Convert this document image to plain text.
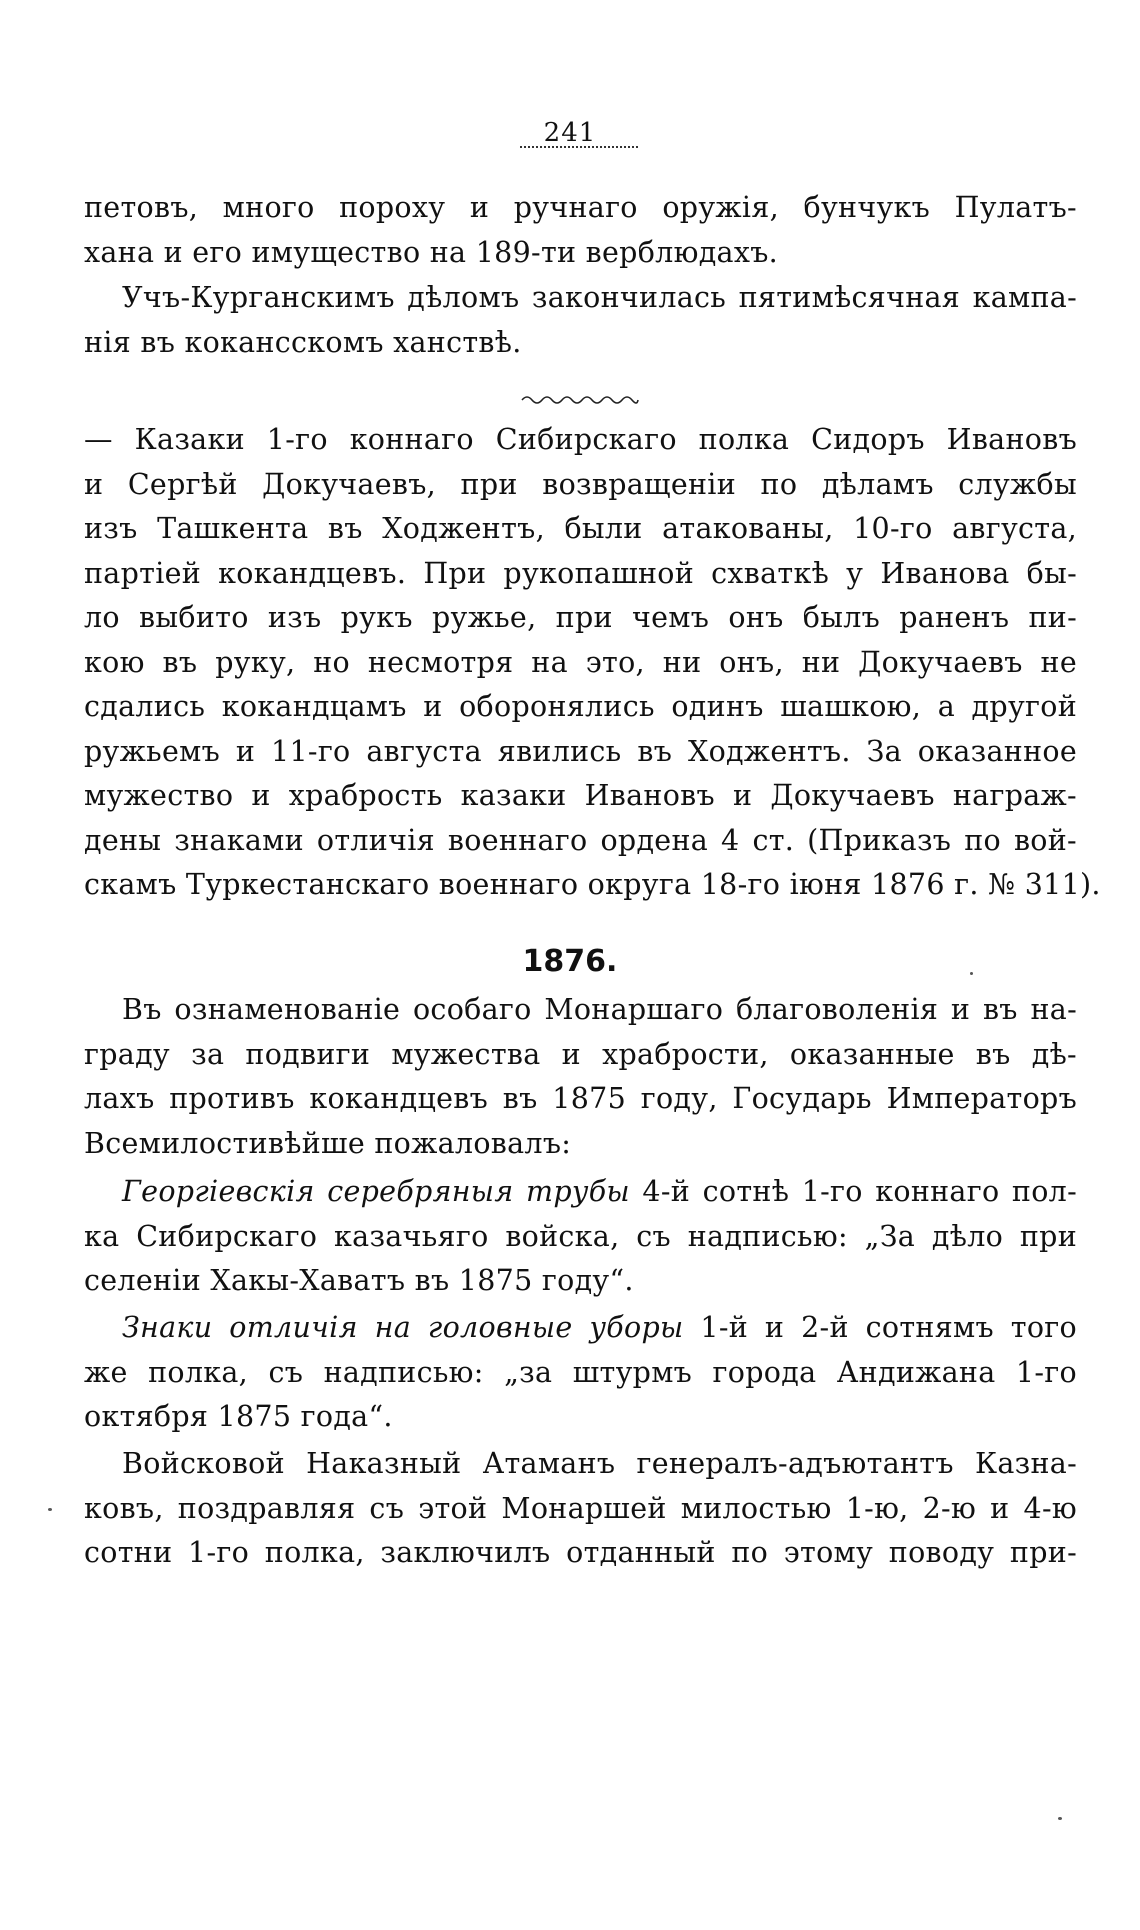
241
петовъ, много пороху и ручнаго оружія, бунчукъ Пулатъ-
хана и его имущество на 189-ти верблюдахъ.
Учъ-Курганскимъ дѣломъ закончилась пятимѣсячная кампа-
нія въ кокансскомъ ханствѣ.
— Казаки 1-го коннаго Сибирскаго полка Сидоръ Ивановъ
и Сергѣй Докучаевъ, при возвращеніи по дѣламъ службы
изъ Ташкента въ Ходжентъ, были атакованы, 10-го августа,
партіей кокандцевъ. При рукопашной схваткѣ у Иванова бы-
ло выбито изъ рукъ ружье, при чемъ онъ былъ раненъ пи-
кою въ руку, но несмотря на это, ни онъ, ни Докучаевъ не
сдались кокандцамъ и оборонялись одинъ шашкою, а другой
ружьемъ и 11-го августа явились въ Ходжентъ. За оказанное
мужество и храбрость казаки Ивановъ и Докучаевъ награж-
дены знаками отличія военнаго ордена 4 ст. (Приказъ по вой-
скамъ Туркестанскаго военнаго округа 18-го іюня 1876 г. № 311).
1876.
Въ ознаменованіе особаго Монаршаго благоволенія и въ на-
граду за подвиги мужества и храбрости, оказанные въ дѣ-
лахъ противъ кокандцевъ въ 1875 году, Государь Императоръ
Всемилостивѣйше пожаловалъ:
Георгіевскія серебряныя трубы 4-й сотнѣ 1-го коннаго пол-
ка Сибирскаго казачьяго войска, съ надписью: „За дѣло при
селеніи Хакы-Хаватъ въ 1875 году“.
Знаки отличія на головные уборы 1-й и 2-й сотнямъ того
же полка, съ надписью: „за штурмъ города Андижана 1-го
октября 1875 года“.
Войсковой Наказный Атаманъ генералъ-адъютантъ Казна-
ковъ, поздравляя съ этой Монаршей милостью 1-ю, 2-ю и 4-ю
сотни 1-го полка, заключилъ отданный по этому поводу при-
